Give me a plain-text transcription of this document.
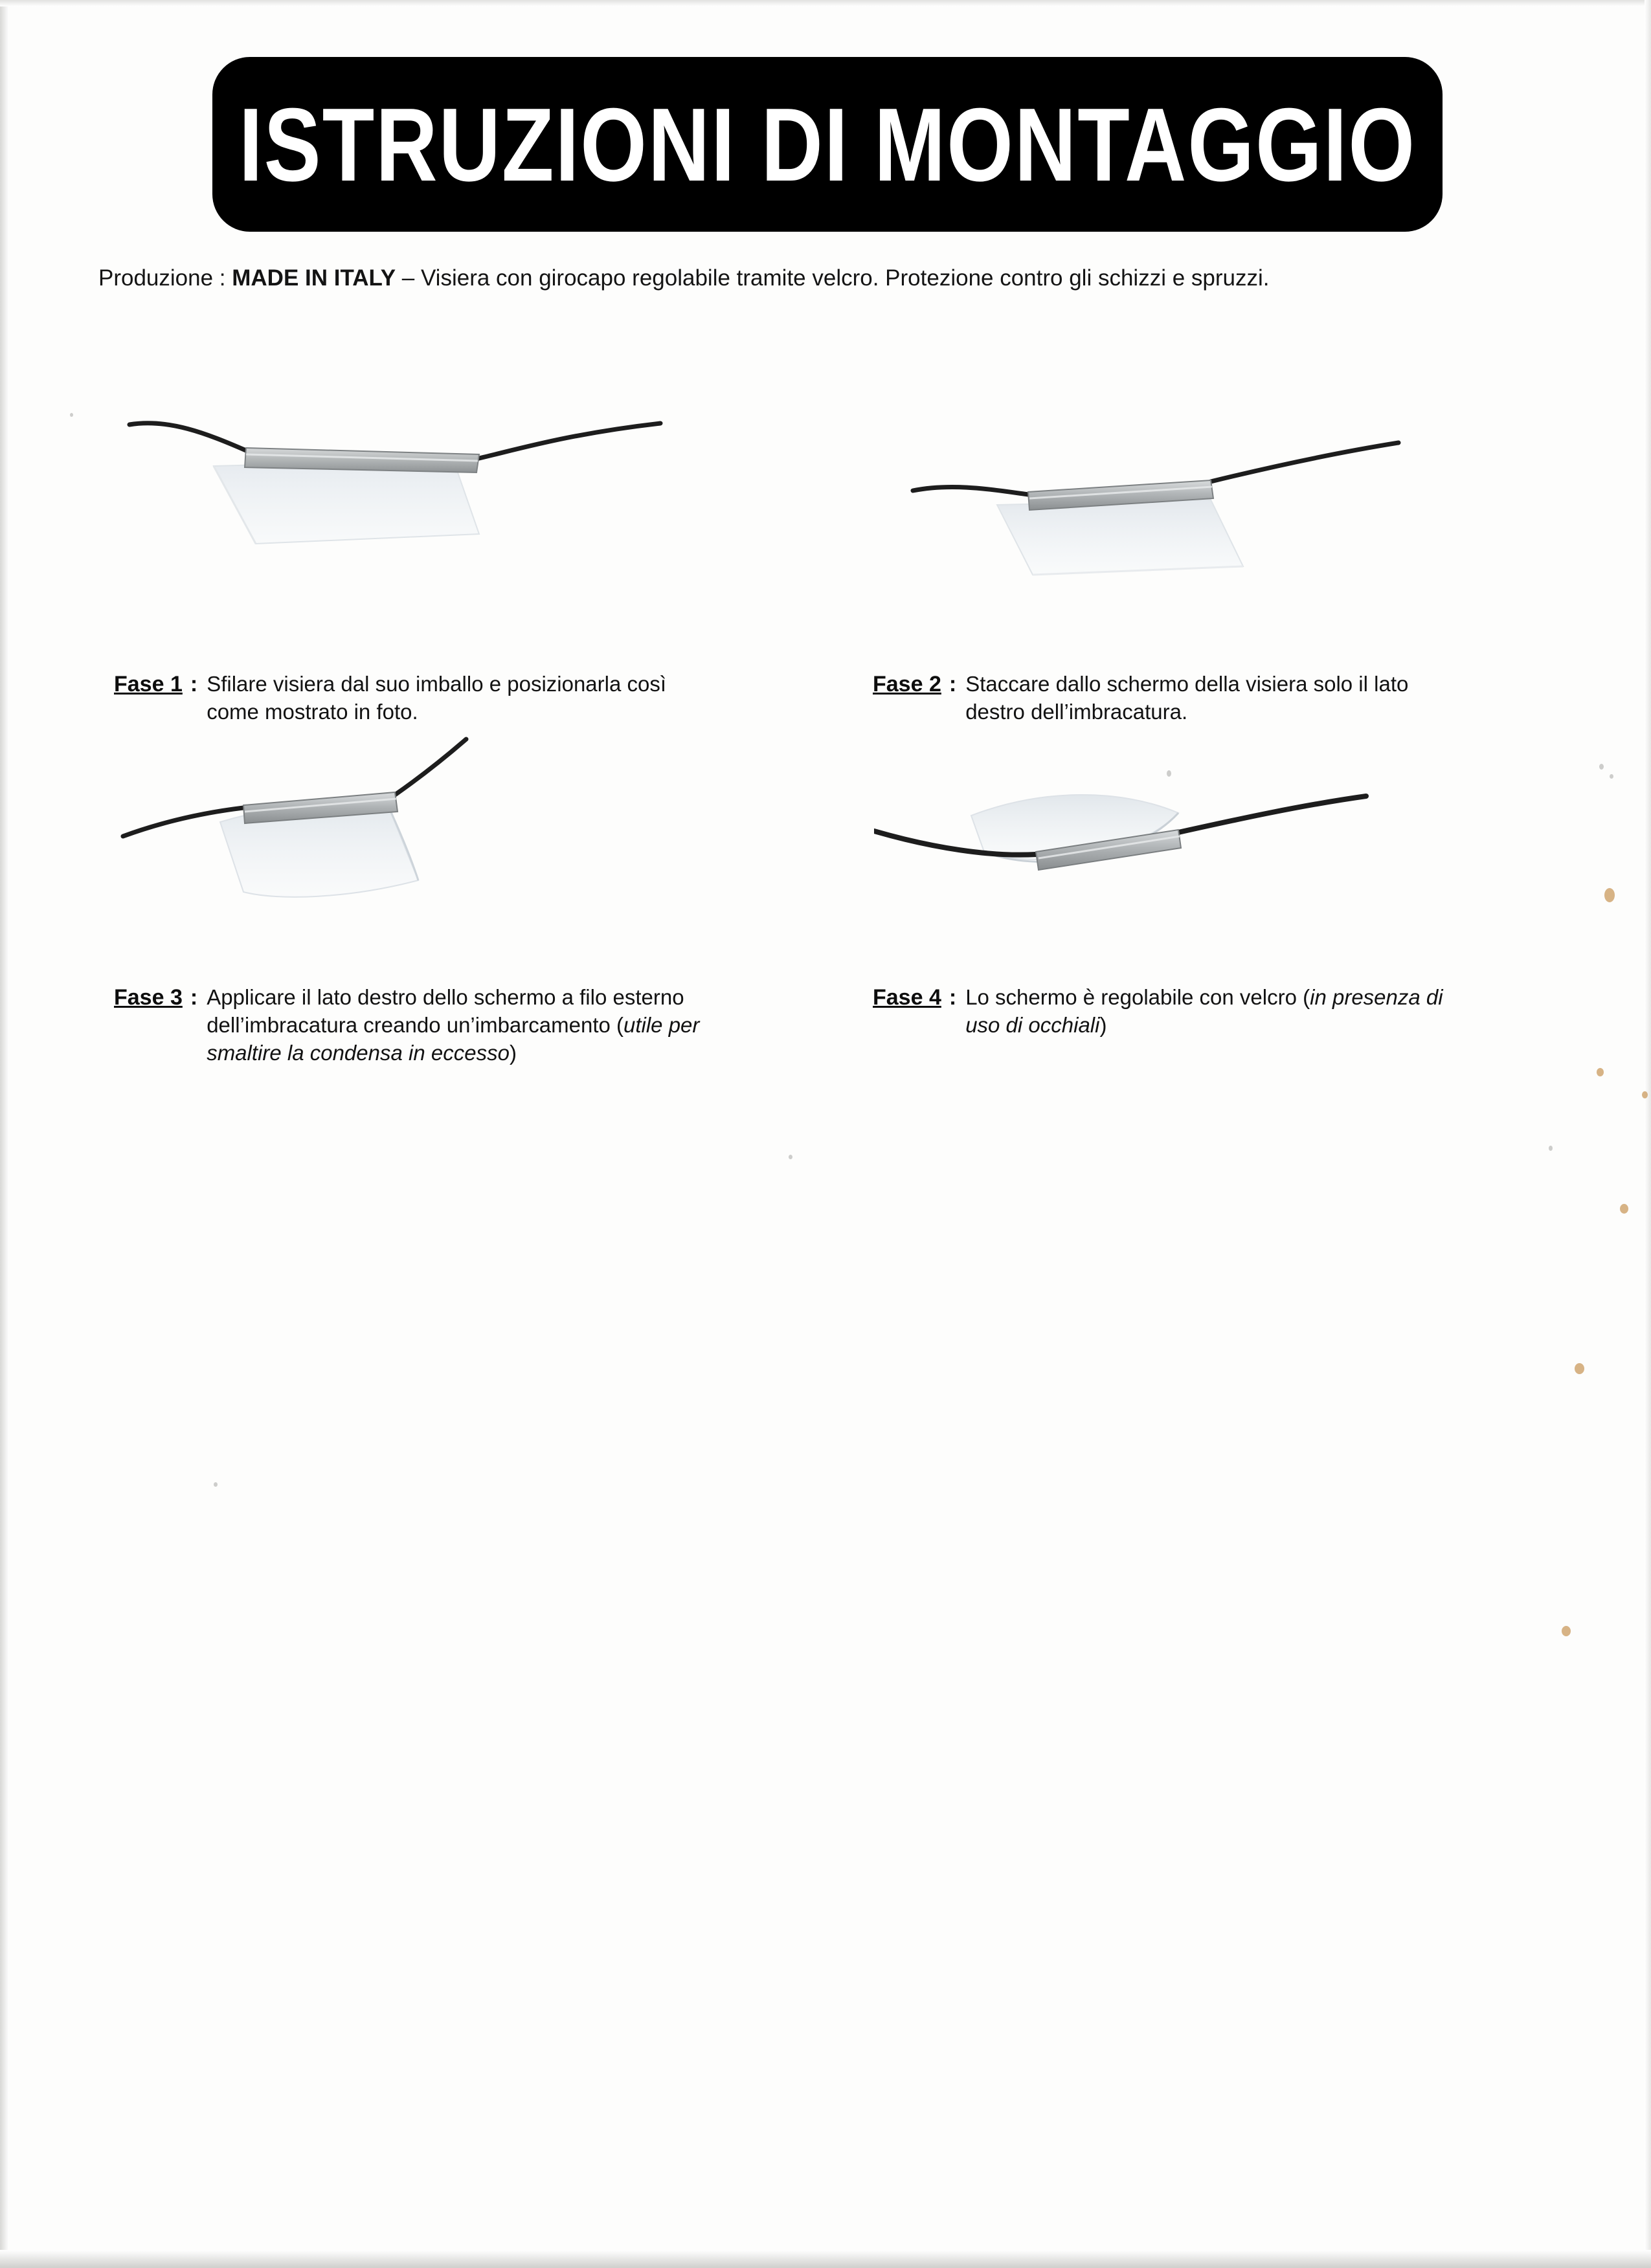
ISTRUZIONI DI MONTAGGIO
Produzione : MADE IN ITALY – Visiera con girocapo regolabile tramite velcro. Protezione contro gli schizzi e spruzzi.
Fase 1 : Sfilare visiera dal suo imballo e posizionarla così come mostrato in foto.
Fase 2 : Staccare dallo schermo della visiera solo il lato destro dell’imbracatura.
Fase 3 : Applicare il lato destro dello schermo a filo esterno dell’imbracatura creando un’imbarcamento (utile per smaltire la condensa in eccesso)
Fase 4 : Lo schermo è regolabile con velcro (in presenza di uso di occhiali)
